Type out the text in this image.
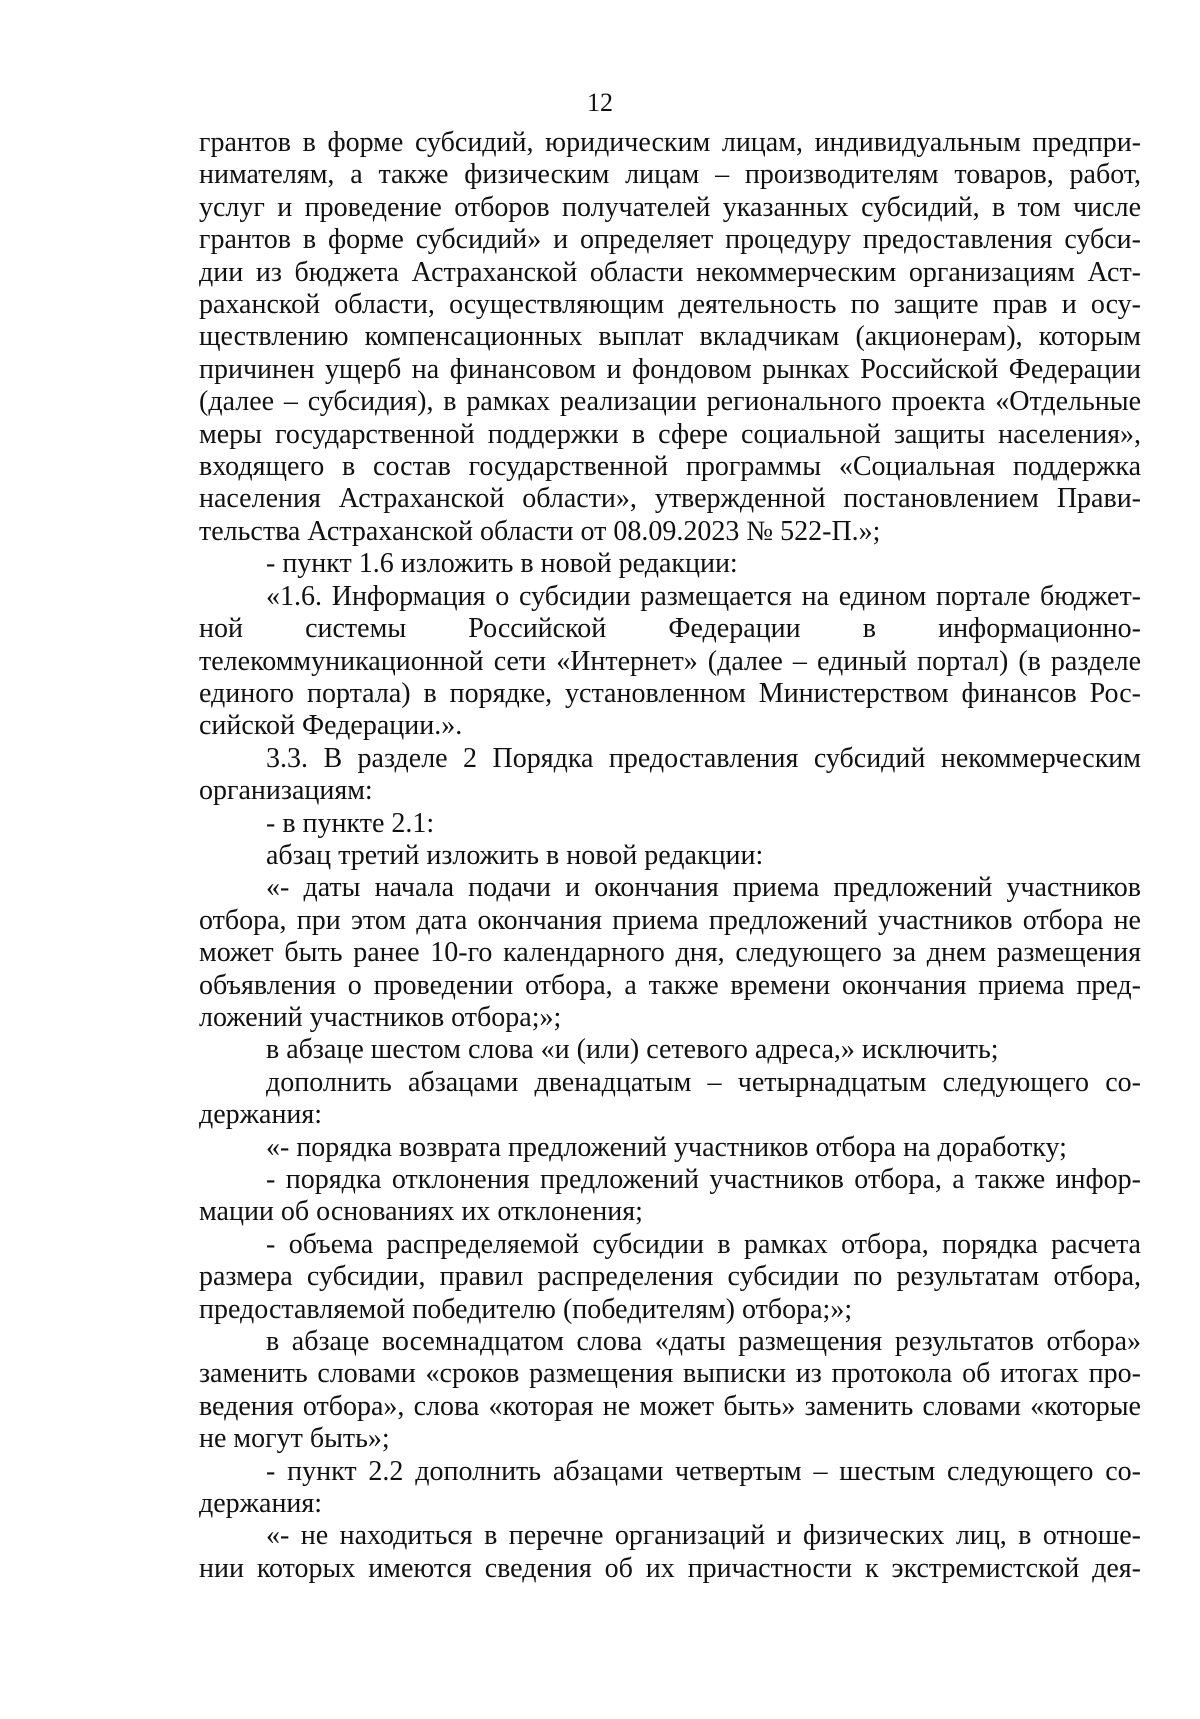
12

грантов в форме субсидий, юридическим лицам, индивидуальным предпри-нимателям, а также физическим лицам – производителям товаров, работ, услуг и проведение отборов получателей указанных субсидий, в том числе грантов в форме субсидий» и определяет процедуру предоставления субси-дии из бюджета Астраханской области некоммерческим организациям Аст-раханской области, осуществляющим деятельность по защите прав и осу-ществлению компенсационных выплат вкладчикам (акционерам), которым причинен ущерб на финансовом и фондовом рынках Российской Федерации (далее – субсидия), в рамках реализации регионального проекта «Отдельные меры государственной поддержки в сфере социальной защиты населения», входящего в состав государственной программы «Социальная поддержка населения Астраханской области», утвержденной постановлением Прави-тельства Астраханской области от 08.09.2023 № 522-П.»;

- пункт 1.6 изложить в новой редакции:

«1.6. Информация о субсидии размещается на едином портале бюджет-ной системы Российской Федерации в информационно-телекоммуникационной сети «Интернет» (далее – единый портал) (в разделе единого портала) в порядке, установленном Министерством финансов Рос-сийской Федерации.».

3.3. В разделе 2 Порядка предоставления субсидий некоммерческим организациям:

- в пункте 2.1:

абзац третий изложить в новой редакции:

«- даты начала подачи и окончания приема предложений участников отбора, при этом дата окончания приема предложений участников отбора не может быть ранее 10-го календарного дня, следующего за днем размещения объявления о проведении отбора, а также времени окончания приема пред-ложений участников отбора;»;

в абзаце шестом слова «и (или) сетевого адреса,» исключить;

дополнить абзацами двенадцатым – четырнадцатым следующего со-держания:

«- порядка возврата предложений участников отбора на доработку;

- порядка отклонения предложений участников отбора, а также инфор-мации об основаниях их отклонения;

- объема распределяемой субсидии в рамках отбора, порядка расчета размера субсидии, правил распределения субсидии по результатам отбора, предоставляемой победителю (победителям) отбора;»;

в абзаце восемнадцатом слова «даты размещения результатов отбора» заменить словами «сроков размещения выписки из протокола об итогах про-ведения отбора», слова «которая не может быть» заменить словами «которые не могут быть»;

- пункт 2.2 дополнить абзацами четвертым – шестым следующего со-держания:

«- не находиться в перечне организаций и физических лиц, в отноше-нии которых имеются сведения об их причастности к экстремистской дея-
